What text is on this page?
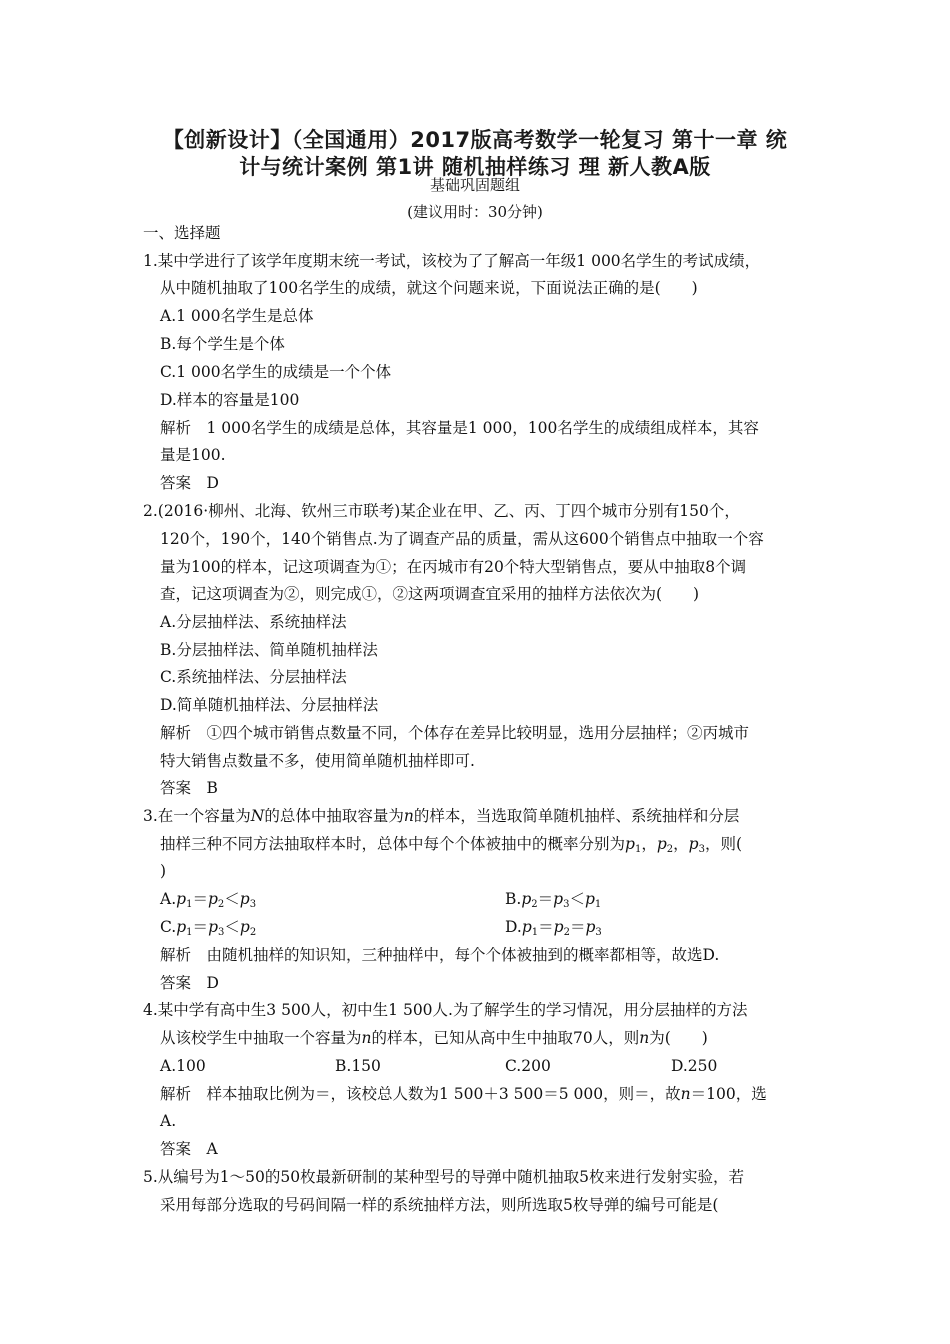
【创新设计】（全国通用）2017版高考数学一轮复习 第十一章 统
计与统计案例 第1讲 随机抽样练习 理 新人教A版
基础巩固题组
(建议用时：30分钟)
一、选择题
1.某中学进行了该学年度期末统一考试，该校为了了解高一年级1 000名学生的考试成绩，
从中随机抽取了100名学生的成绩，就这个问题来说，下面说法正确的是(　　)
A.1 000名学生是总体
B.每个学生是个体
C.1 000名学生的成绩是一个个体
D.样本的容量是100
解析　1 000名学生的成绩是总体，其容量是1 000，100名学生的成绩组成样本，其容
量是100.
答案　D
2.(2016·柳州、北海、钦州三市联考)某企业在甲、乙、丙、丁四个城市分别有150个，
120个，190个，140个销售点.为了调查产品的质量，需从这600个销售点中抽取一个容
量为100的样本，记这项调查为①；在丙城市有20个特大型销售点，要从中抽取8个调
查，记这项调查为②，则完成①，②这两项调查宜采用的抽样方法依次为(　　)
A.分层抽样法、系统抽样法
B.分层抽样法、简单随机抽样法
C.系统抽样法、分层抽样法
D.简单随机抽样法、分层抽样法
解析　①四个城市销售点数量不同，个体存在差异比较明显，选用分层抽样；②丙城市
特大销售点数量不多，使用简单随机抽样即可.
答案　B
3.在一个容量为N的总体中抽取容量为n的样本，当选取简单随机抽样、系统抽样和分层
抽样三种不同方法抽取样本时，总体中每个个体被抽中的概率分别为$p_1$，$p_2$，$p_3$，则(
)
$A.p_1=p_2<p_3$	$B.p_2=p_3<p_1$
$C.p_1=p_3<p_2$	$D.p_1=p_2=p_3$
解析　由随机抽样的知识知，三种抽样中，每个个体被抽到的概率都相等，故选D.
答案　D
4.某中学有高中生3 500人，初中生1 500人.为了解学生的学习情况，用分层抽样的方法
从该校学生中抽取一个容量为n的样本，已知从高中生中抽取70人，则n为(　　)
A.100	B.150	C.200	D.250
解析　样本抽取比例为＝，该校总人数为1 500＋3 500＝5 000，则＝，故n＝100，选
A.
答案　A
5.从编号为1～50的50枚最新研制的某种型号的导弹中随机抽取5枚来进行发射实验，若
采用每部分选取的号码间隔一样的系统抽样方法，则所选取5枚导弹的编号可能是(
